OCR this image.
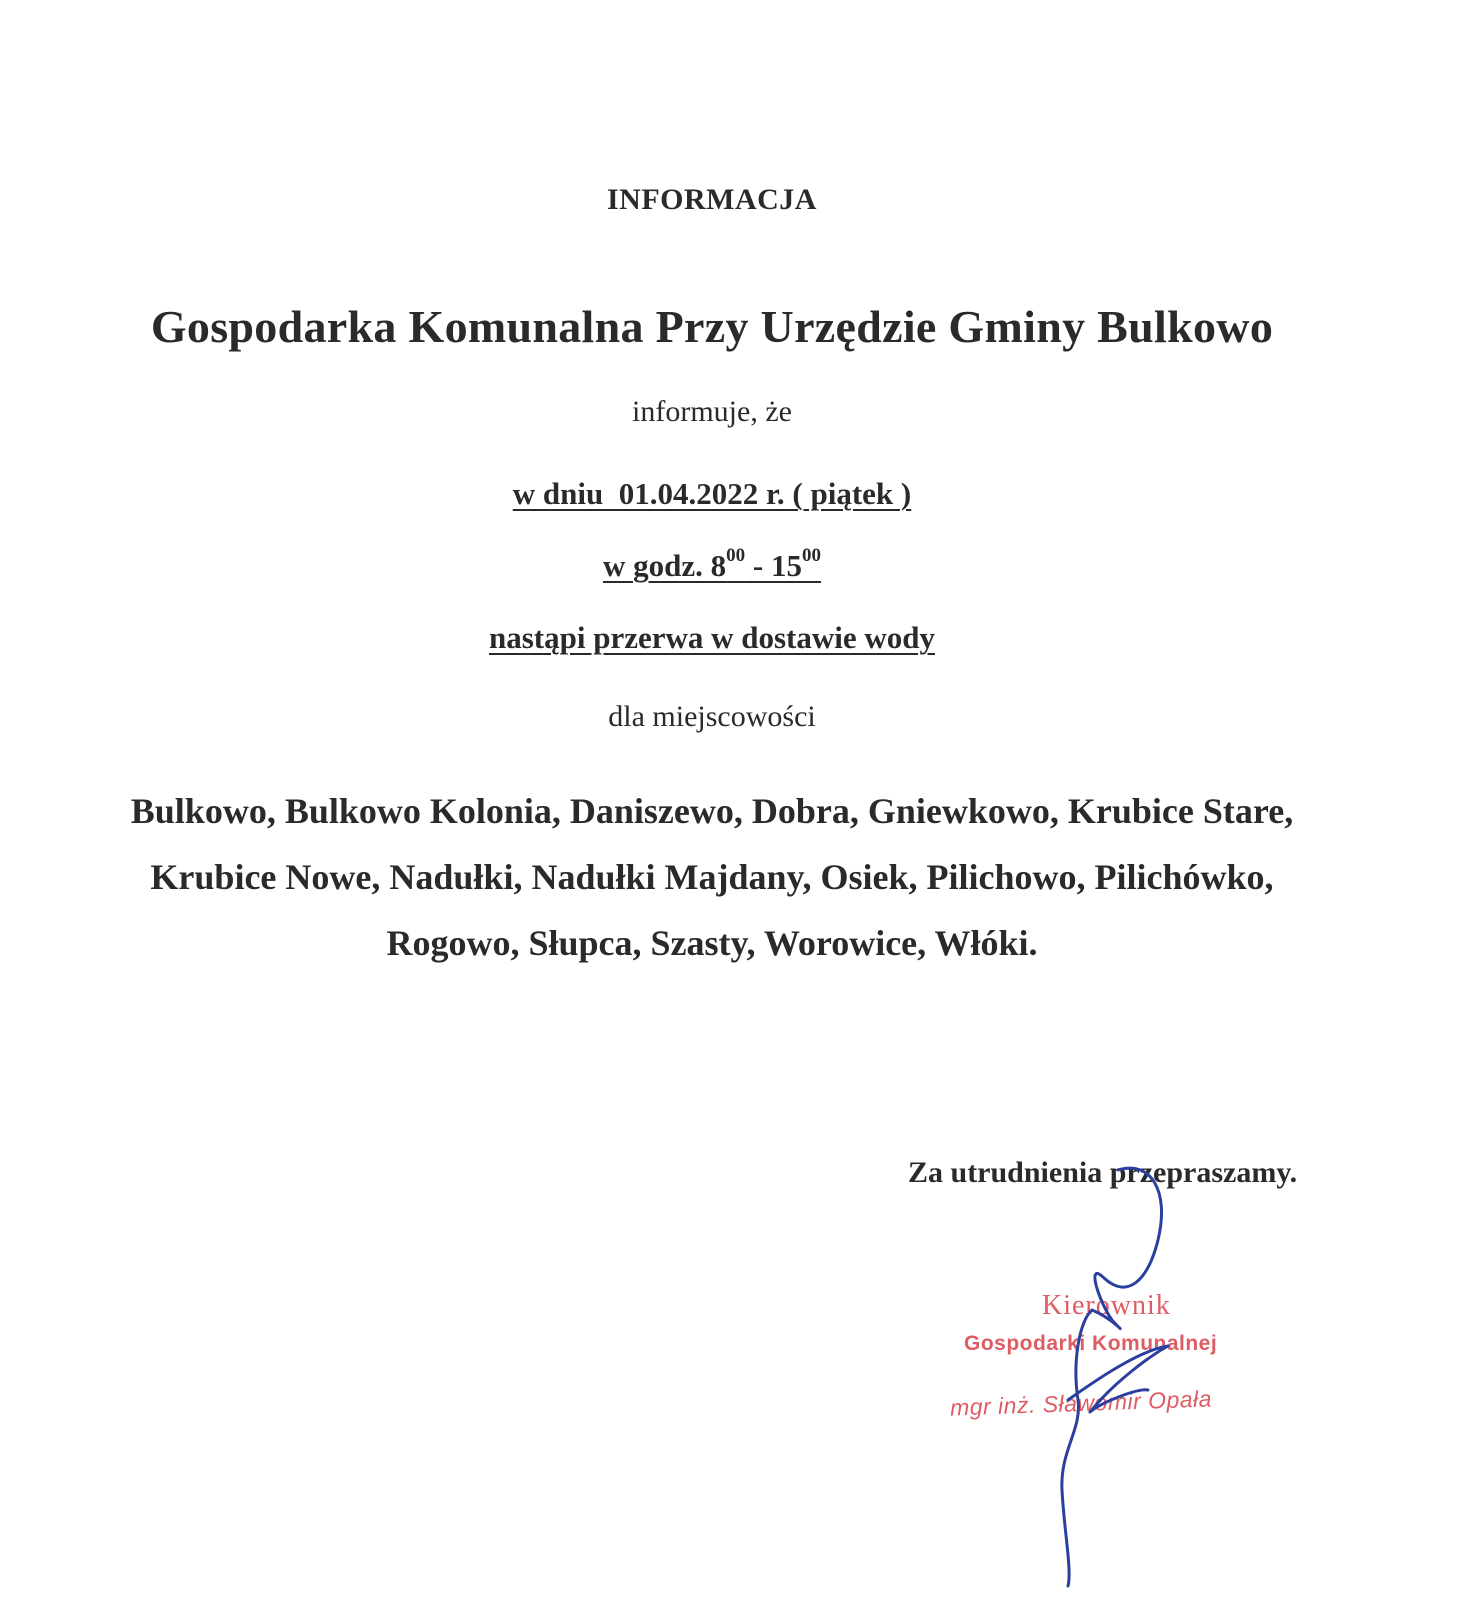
INFORMACJA
Gospodarka Komunalna Przy Urzędzie Gminy Bulkowo
informuje, że
w dniu  01.04.2022 r. ( piątek )
w godz. $8^{00} - 15^{00}$
nastąpi przerwa w dostawie wody
dla miejscowości
Bulkowo, Bulkowo Kolonia, Daniszewo, Dobra, Gniewkowo, Krubice Stare,
Krubice Nowe, Nadułki, Nadułki Majdany, Osiek, Pilichowo, Pilichówko,
Rogowo, Słupca, Szasty, Worowice, Włóki.
Za utrudnienia przepraszamy.
Kierownik
Gospodarki Komunalnej
mgr inż. Sławomir Opała
